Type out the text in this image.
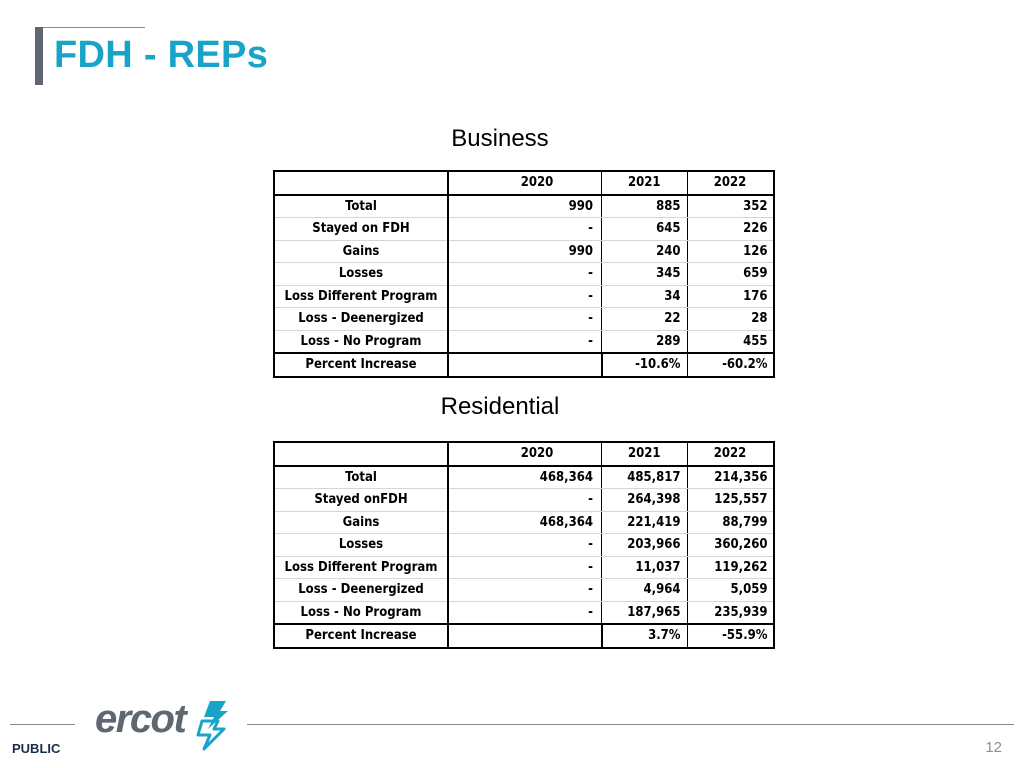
FDH - REPs
Business
	2020	2021	2022
Total	990	885	352
Stayed on FDH	-	645	226
Gains	990	240	126
Losses	-	345	659
Loss Different Program	-	34	176
Loss - Deenergized	-	22	28
Loss - No Program	-	289	455
Percent Increase		-10.6%	-60.2%
Residential
	2020	2021	2022
Total	468,364	485,817	214,356
Stayed onFDH	-	264,398	125,557
Gains	468,364	221,419	88,799
Losses	-	203,966	360,260
Loss Different Program	-	11,037	119,262
Loss - Deenergized	-	4,964	5,059
Loss - No Program	-	187,965	235,939
Percent Increase		3.7%	-55.9%
PUBLIC
ercot
12
